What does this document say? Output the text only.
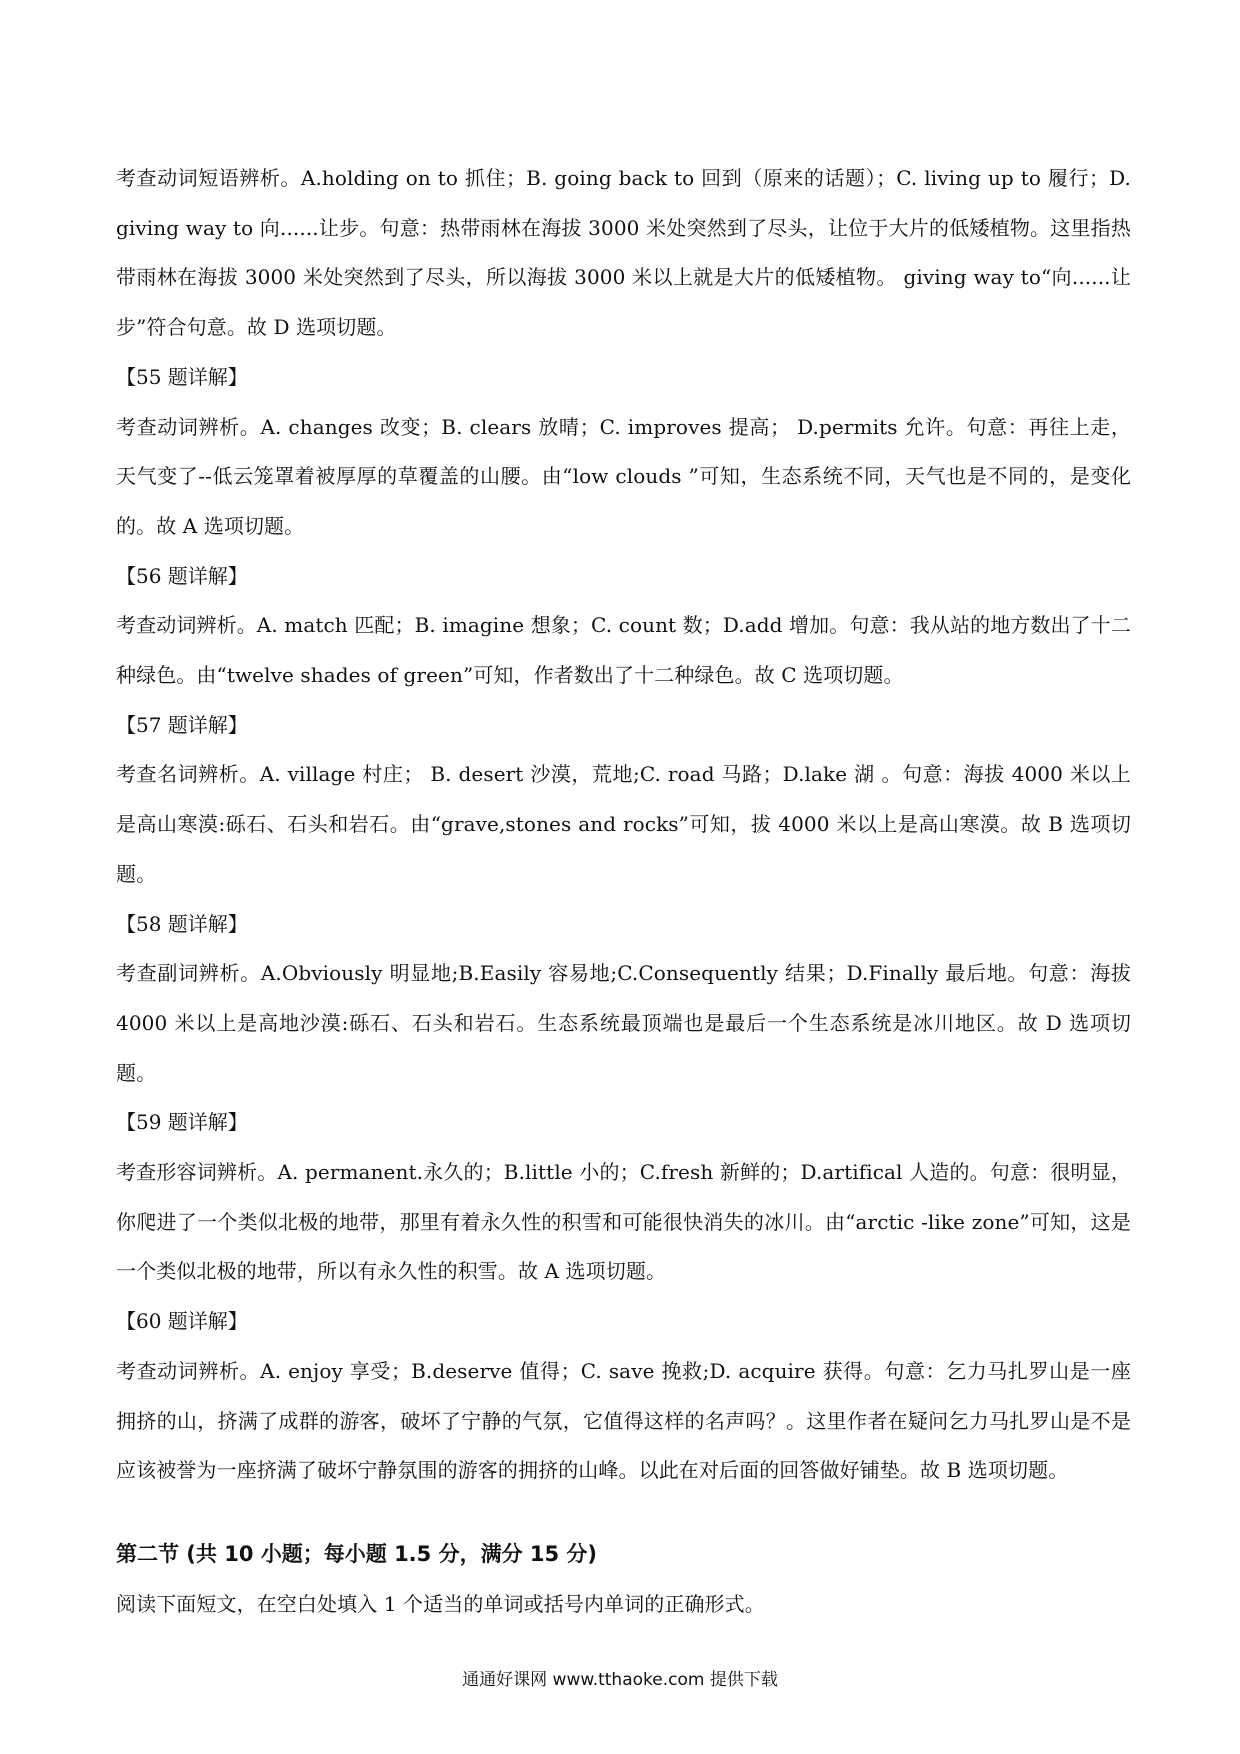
考查动词短语辨析。A.holding on to 抓住；B. going back to 回到（原来的话题）；C. living up to 履行；D. giving way to 向......让步。句意：热带雨林在海拔 3000 米处突然到了尽头，让位于大片的低矮植物。这里指热带雨林在海拔 3000 米处突然到了尽头，所以海拔 3000 米以上就是大片的低矮植物。 giving way to“向......让步”符合句意。故 D 选项切题。

【55 题详解】

考查动词辨析。A. changes 改变；B. clears 放晴；C. improves 提高； D.permits 允许。句意：再往上走，天气变了--低云笼罩着被厚厚的草覆盖的山腰。由“low clouds ”可知，生态系统不同，天气也是不同的，是变化的。故 A 选项切题。

【56 题详解】

考查动词辨析。A. match 匹配；B. imagine 想象；C. count 数；D.add 增加。句意：我从站的地方数出了十二种绿色。由“twelve shades of green”可知，作者数出了十二种绿色。故 C 选项切题。

【57 题详解】

考查名词辨析。A. village 村庄； B. desert 沙漠，荒地;C. road 马路；D.lake 湖 。句意：海拔 4000 米以上是高山寒漠:砾石、石头和岩石。由“grave,stones and rocks”可知，拔 4000 米以上是高山寒漠。故 B 选项切题。

【58 题详解】

考查副词辨析。A.Obviously 明显地;B.Easily 容易地;C.Consequently 结果；D.Finally 最后地。句意：海拔 4000 米以上是高地沙漠:砾石、石头和岩石。生态系统最顶端也是最后一个生态系统是冰川地区。故 D 选项切题。

【59 题详解】

考查形容词辨析。A. permanent.永久的；B.little 小的；C.fresh 新鲜的；D.artifical 人造的。句意：很明显，你爬进了一个类似北极的地带，那里有着永久性的积雪和可能很快消失的冰川。由“arctic -like zone”可知，这是一个类似北极的地带，所以有永久性的积雪。故 A 选项切题。

【60 题详解】

考查动词辨析。A. enjoy 享受；B.deserve 值得；C. save 挽救;D. acquire 获得。句意：乞力马扎罗山是一座拥挤的山，挤满了成群的游客，破坏了宁静的气氛，它值得这样的名声吗？。这里作者在疑问乞力马扎罗山是不是应该被誉为一座挤满了破坏宁静氛围的游客的拥挤的山峰。以此在对后面的回答做好铺垫。故 B 选项切题。

第二节 (共 10 小题；每小题 1.5 分，满分 15 分)

阅读下面短文，在空白处填入 1 个适当的单词或括号内单词的正确形式。

通通好课网 www.tthaoke.com 提供下载
